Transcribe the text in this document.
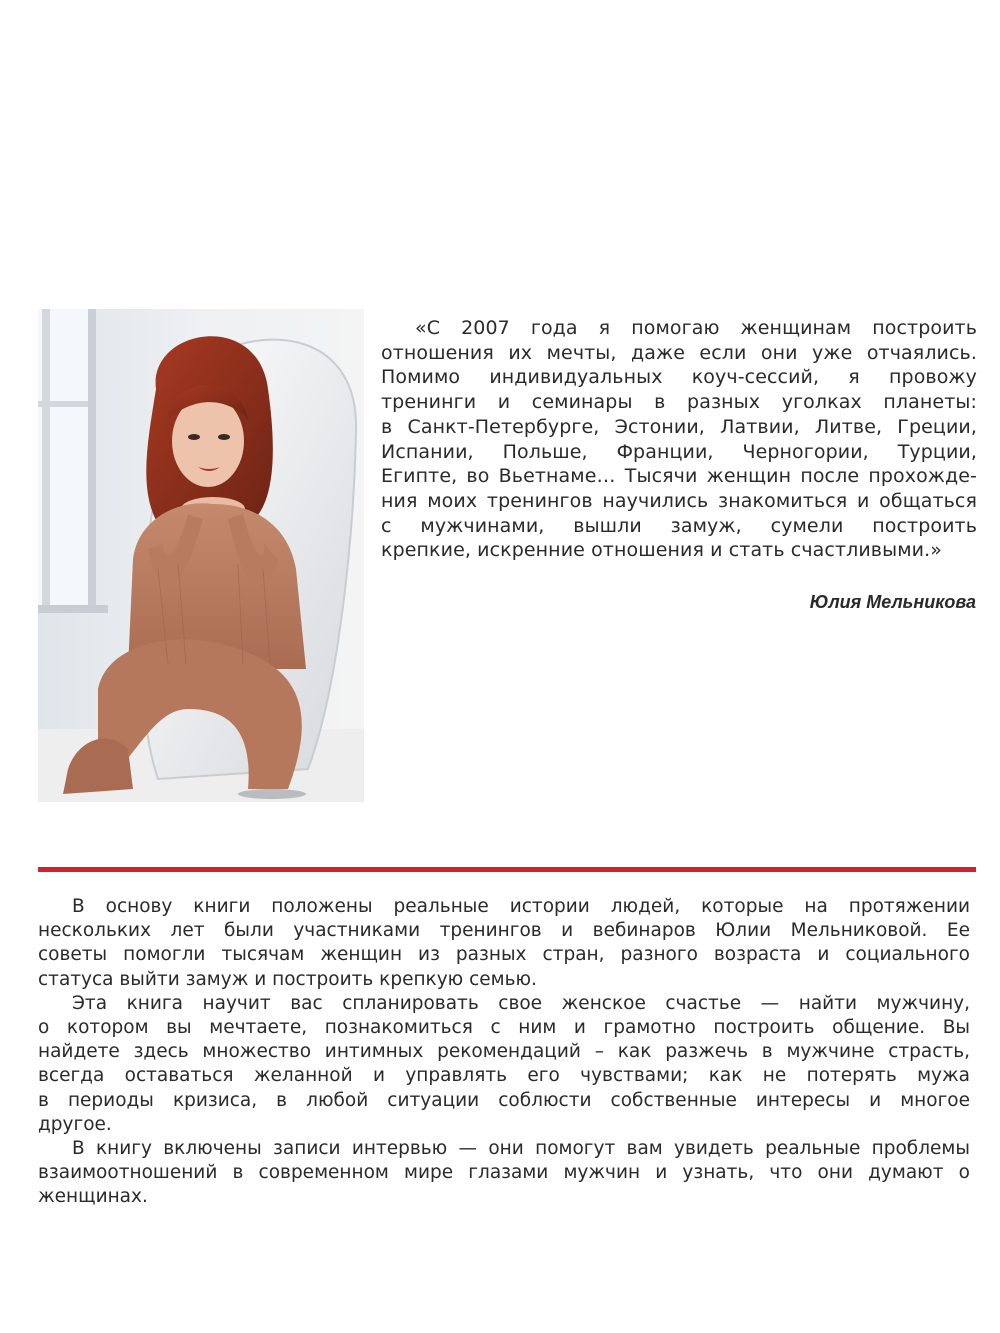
«С 2007 года я помогаю женщинам построить
отношения их мечты, даже если они уже отчаялись.
Помимо индивидуальных коуч-сессий, я провожу
тренинги и семинары в разных уголках планеты:
в Санкт-Петербурге, Эстонии, Латвии, Литве, Греции,
Испании, Польше, Франции, Черногории, Турции,
Египте, во Вьетнаме… Тысячи женщин после прохожде-
ния моих тренингов научились знакомиться и общаться
с мужчинами, вышли замуж, сумели построить
крепкие, искренние отношения и стать счастливыми.»
Юлия Мельникова
В основу книги положены реальные истории людей, которые на протяжении
нескольких лет были участниками тренингов и вебинаров Юлии Мельниковой. Ее
советы помогли тысячам женщин из разных стран, разного возраста и социального
статуса выйти замуж и построить крепкую семью.
Эта книга научит вас спланировать свое женское счастье — найти мужчину,
о котором вы мечтаете, познакомиться с ним и грамотно построить общение. Вы
найдете здесь множество интимных рекомендаций – как разжечь в мужчине страсть,
всегда оставаться желанной и управлять его чувствами; как не потерять мужа
в периоды кризиса, в любой ситуации соблюсти собственные интересы и многое
другое.
В книгу включены записи интервью — они помогут вам увидеть реальные проблемы
взаимоотношений в современном мире глазами мужчин и узнать, что они думают о
женщинах.
